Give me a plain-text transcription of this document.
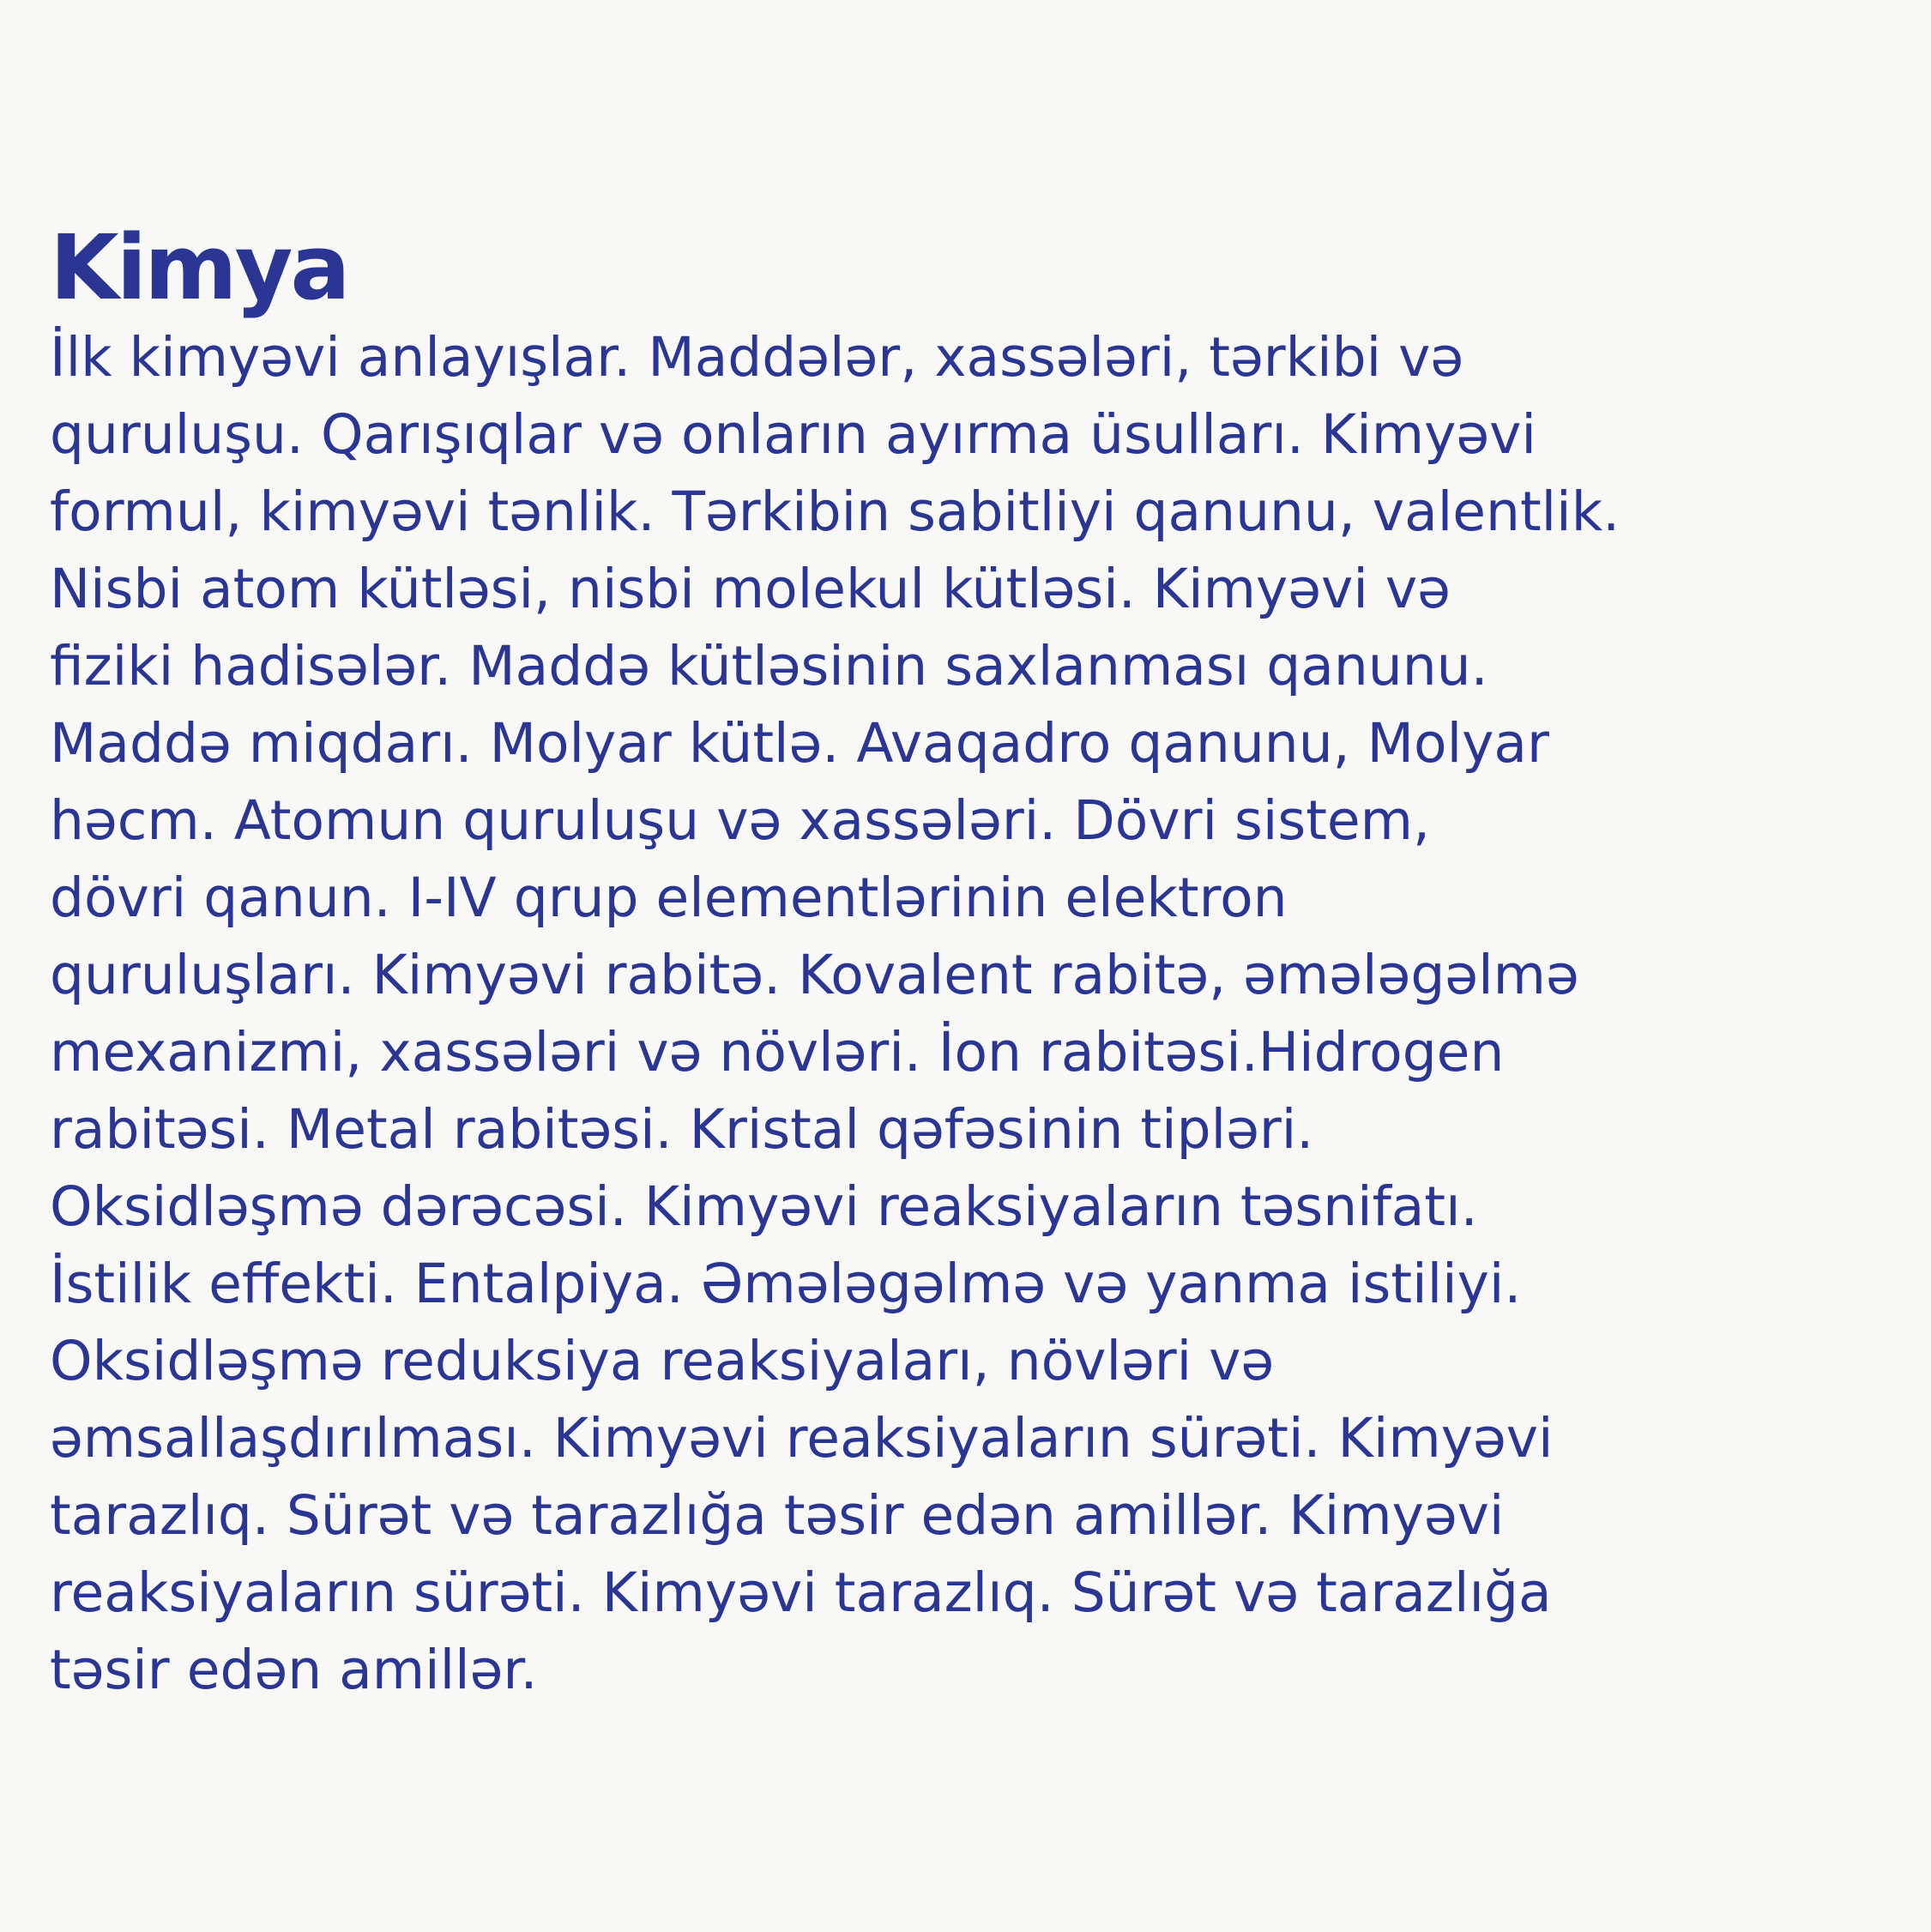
Kimya

İlk kimyəvi anlayışlar. Maddələr, xassələri, tərkibi və
quruluşu. Qarışıqlar və onların ayırma üsulları. Kimyəvi
formul, kimyəvi tənlik. Tərkibin sabitliyi qanunu, valentlik.
Nisbi atom kütləsi, nisbi molekul kütləsi. Kimyəvi və
fiziki hadisələr. Maddə kütləsinin saxlanması qanunu.
Maddə miqdarı. Molyar kütlə. Avaqadro qanunu, Molyar
həcm. Atomun quruluşu və xassələri. Dövri sistem,
dövri qanun. I-IV qrup elementlərinin elektron
quruluşları. Kimyəvi rabitə. Kovalent rabitə, əmələgəlmə
mexanizmi, xassələri və növləri. İon rabitəsi.Hidrogen
rabitəsi. Metal rabitəsi. Kristal qəfəsinin tipləri.
Oksidləşmə dərəcəsi. Kimyəvi reaksiyaların təsnifatı.
İstilik effekti. Entalpiya. Əmələgəlmə və yanma istiliyi.
Oksidləşmə reduksiya reaksiyaları, növləri və
əmsallaşdırılması. Kimyəvi reaksiyaların sürəti. Kimyəvi
tarazlıq. Sürət və tarazlığa təsir edən amillər. Kimyəvi
reaksiyaların sürəti. Kimyəvi tarazlıq. Sürət və tarazlığa
təsir edən amillər.
